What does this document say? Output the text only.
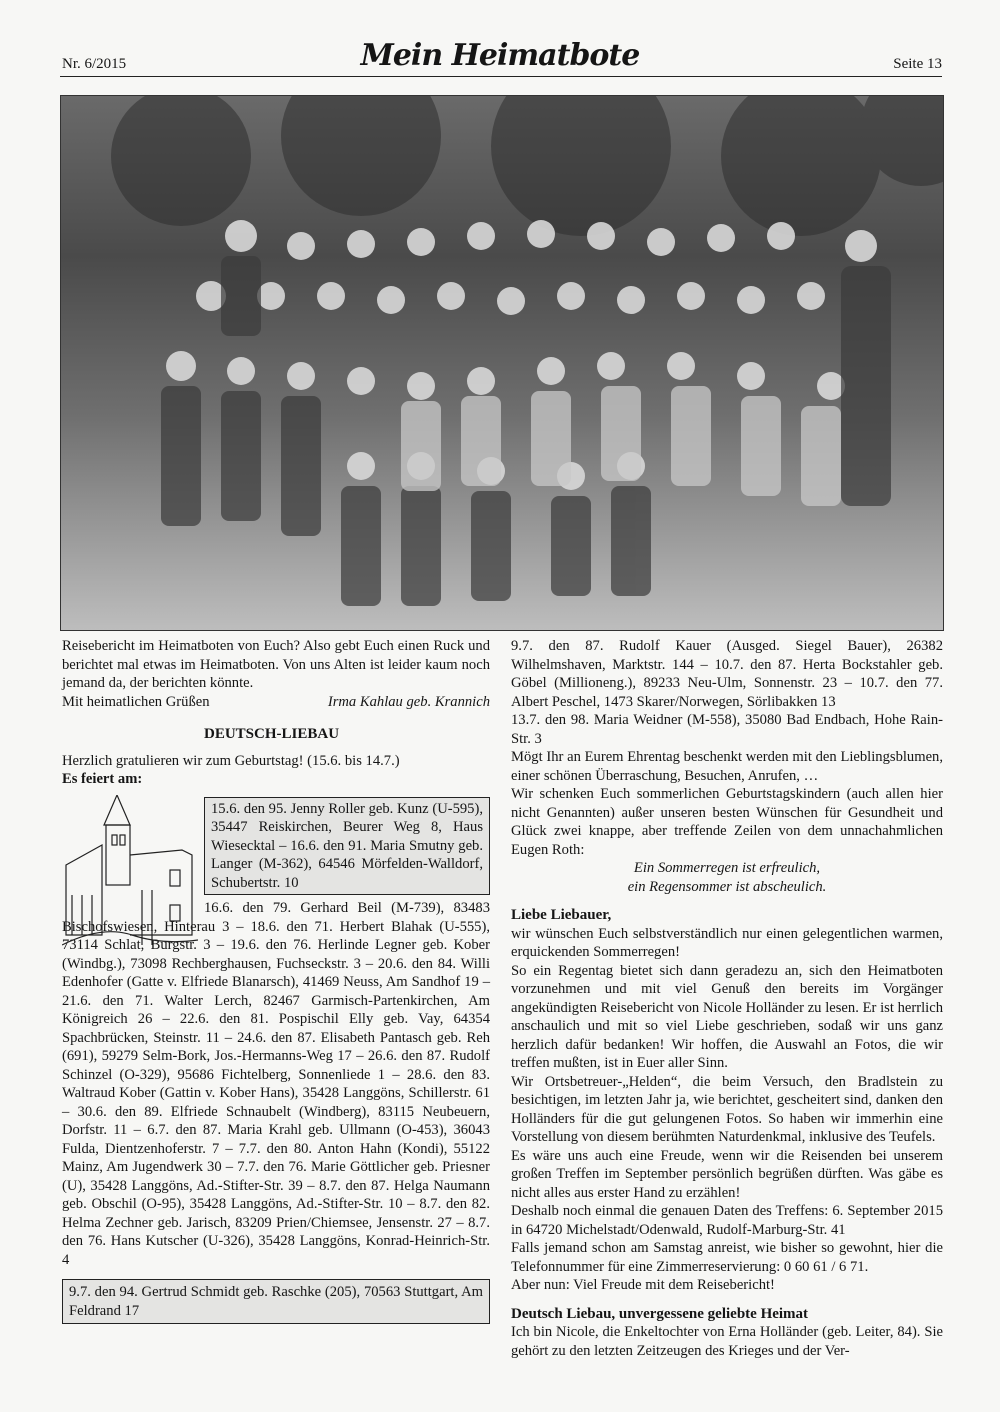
Nr. 6/2015	Mein Heimatbote	Seite 13

Reisebericht im Heimatboten von Euch? Also gebt Euch einen Ruck und berichtet mal etwas im Heimatboten. Von uns Alten ist leider kaum noch jemand da, der berichten könnte.

Mit heimatlichen Grüßen	Irma Kahlau geb. Krannich
DEUTSCH-LIEBAU

Herzlich gratulieren wir zum Geburtstag! (15.6. bis 14.7.)

Es feiert am:

15.6. den 95. Jenny Roller geb. Kunz (U-595), 35447 Reiskirchen, Beurer Weg 8, Haus Wiesecktal – 16.6. den 91. Maria Smutny geb. Langer (M-362), 64546 Mörfelden-Walldorf, Schubertstr. 10

16.6. den 79. Gerhard Beil (M-739), 83483 Bischofswiesen, Hinterau 3 – 18.6. den 71. Herbert Blahak (U-555), 73114 Schlat, Burgstr. 3 – 19.6. den 76. Herlinde Legner geb. Kober (Windbg.), 73098 Rechberghausen, Fuchseckstr. 3 – 20.6. den 84. Willi Edenhofer (Gatte v. Elfriede Blanarsch), 41469 Neuss, Am Sandhof 19 – 21.6. den 71. Walter Lerch, 82467 Garmisch-Partenkirchen, Am Königreich 26 – 22.6. den 81. Pospischil Elly geb. Vay, 64354 Spachbrücken, Steinstr. 11 – 24.6. den 87. Elisabeth Pantasch geb. Reh (691), 59279 Selm-Bork, Jos.-Hermanns-Weg 17 – 26.6. den 87. Rudolf Schinzel (O-329), 95686 Fichtelberg, Sonnenliede 1 – 28.6. den 83. Waltraud Kober (Gattin v. Kober Hans), 35428 Langgöns, Schillerstr. 61 – 30.6. den 89. Elfriede Schnaubelt (Windberg), 83115 Neubeuern, Dorfstr. 11 – 6.7. den 87. Maria Krahl geb. Ullmann (O-453), 36043 Fulda, Dientzenhoferstr. 7 – 7.7. den 80. Anton Hahn (Kondi), 55122 Mainz, Am Jugendwerk 30 – 7.7. den 76. Marie Göttlicher geb. Priesner (U), 35428 Langgöns, Ad.-Stifter-Str. 39 – 8.7. den 87. Helga Naumann geb. Obschil (O-95), 35428 Langgöns, Ad.-Stifter-Str. 10 – 8.7. den 82. Helma Zechner geb. Jarisch, 83209 Prien/Chiemsee, Jensenstr. 27 – 8.7. den 76. Hans Kutscher (U-326), 35428 Langgöns, Konrad-Heinrich-Str. 4

9.7. den 94. Gertrud Schmidt geb. Raschke (205), 70563 Stuttgart, Am Feldrand 17

9.7. den 87. Rudolf Kauer (Ausged. Siegel Bauer), 26382 Wilhelmshaven, Marktstr. 144 – 10.7. den 87. Herta Bockstahler geb. Göbel (Millioneng.), 89233 Neu-Ulm, Sonnenstr. 23 – 10.7. den 77. Albert Peschel, 1473 Skarer/Norwegen, Sörlibakken 13

13.7. den 98. Maria Weidner (M-558), 35080 Bad Endbach, Hohe Rain-Str. 3

Mögt Ihr an Eurem Ehrentag beschenkt werden mit den Lieblingsblumen, einer schönen Überraschung, Besuchen, Anrufen, …

Wir schenken Euch sommerlichen Geburtstagskindern (auch allen hier nicht Genannten) außer unseren besten Wünschen für Gesundheit und Glück zwei knappe, aber treffende Zeilen von dem unnachahmlichen Eugen Roth:

Ein Sommerregen ist erfreulich,

ein Regensommer ist abscheulich.

Liebe Liebauer,

wir wünschen Euch selbstverständlich nur einen gelegentlichen warmen, erquickenden Sommerregen!

So ein Regentag bietet sich dann geradezu an, sich den Heimatboten vorzunehmen und mit viel Genuß den bereits im Vorgänger angekündigten Reisebericht von Nicole Holländer zu lesen. Er ist herrlich anschaulich und mit so viel Liebe geschrieben, sodaß wir uns ganz herzlich dafür bedanken! Wir hoffen, die Auswahl an Fotos, die wir treffen mußten, ist in Euer aller Sinn.

Wir Ortsbetreuer-„Helden“, die beim Versuch, den Bradlstein zu besichtigen, im letzten Jahr ja, wie berichtet, gescheitert sind, danken den Holländers für die gut gelungenen Fotos. So haben wir immerhin eine Vorstellung von diesem berühmten Naturdenkmal, inklusive des Teufels.

Es wäre uns auch eine Freude, wenn wir die Reisenden bei unserem großen Treffen im September persönlich begrüßen dürften. Was gäbe es nicht alles aus erster Hand zu erzählen!

Deshalb noch einmal die genauen Daten des Treffens: 6. September 2015 in 64720 Michelstadt/Odenwald, Rudolf-Marburg-Str. 41

Falls jemand schon am Samstag anreist, wie bisher so gewohnt, hier die Telefonnummer für eine Zimmerreservierung: 0 60 61 / 6 71.

Aber nun: Viel Freude mit dem Reisebericht!

Deutsch Liebau, unvergessene geliebte Heimat

Ich bin Nicole, die Enkeltochter von Erna Holländer (geb. Leiter, 84). Sie gehört zu den letzten Zeitzeugen des Krieges und der Ver-
